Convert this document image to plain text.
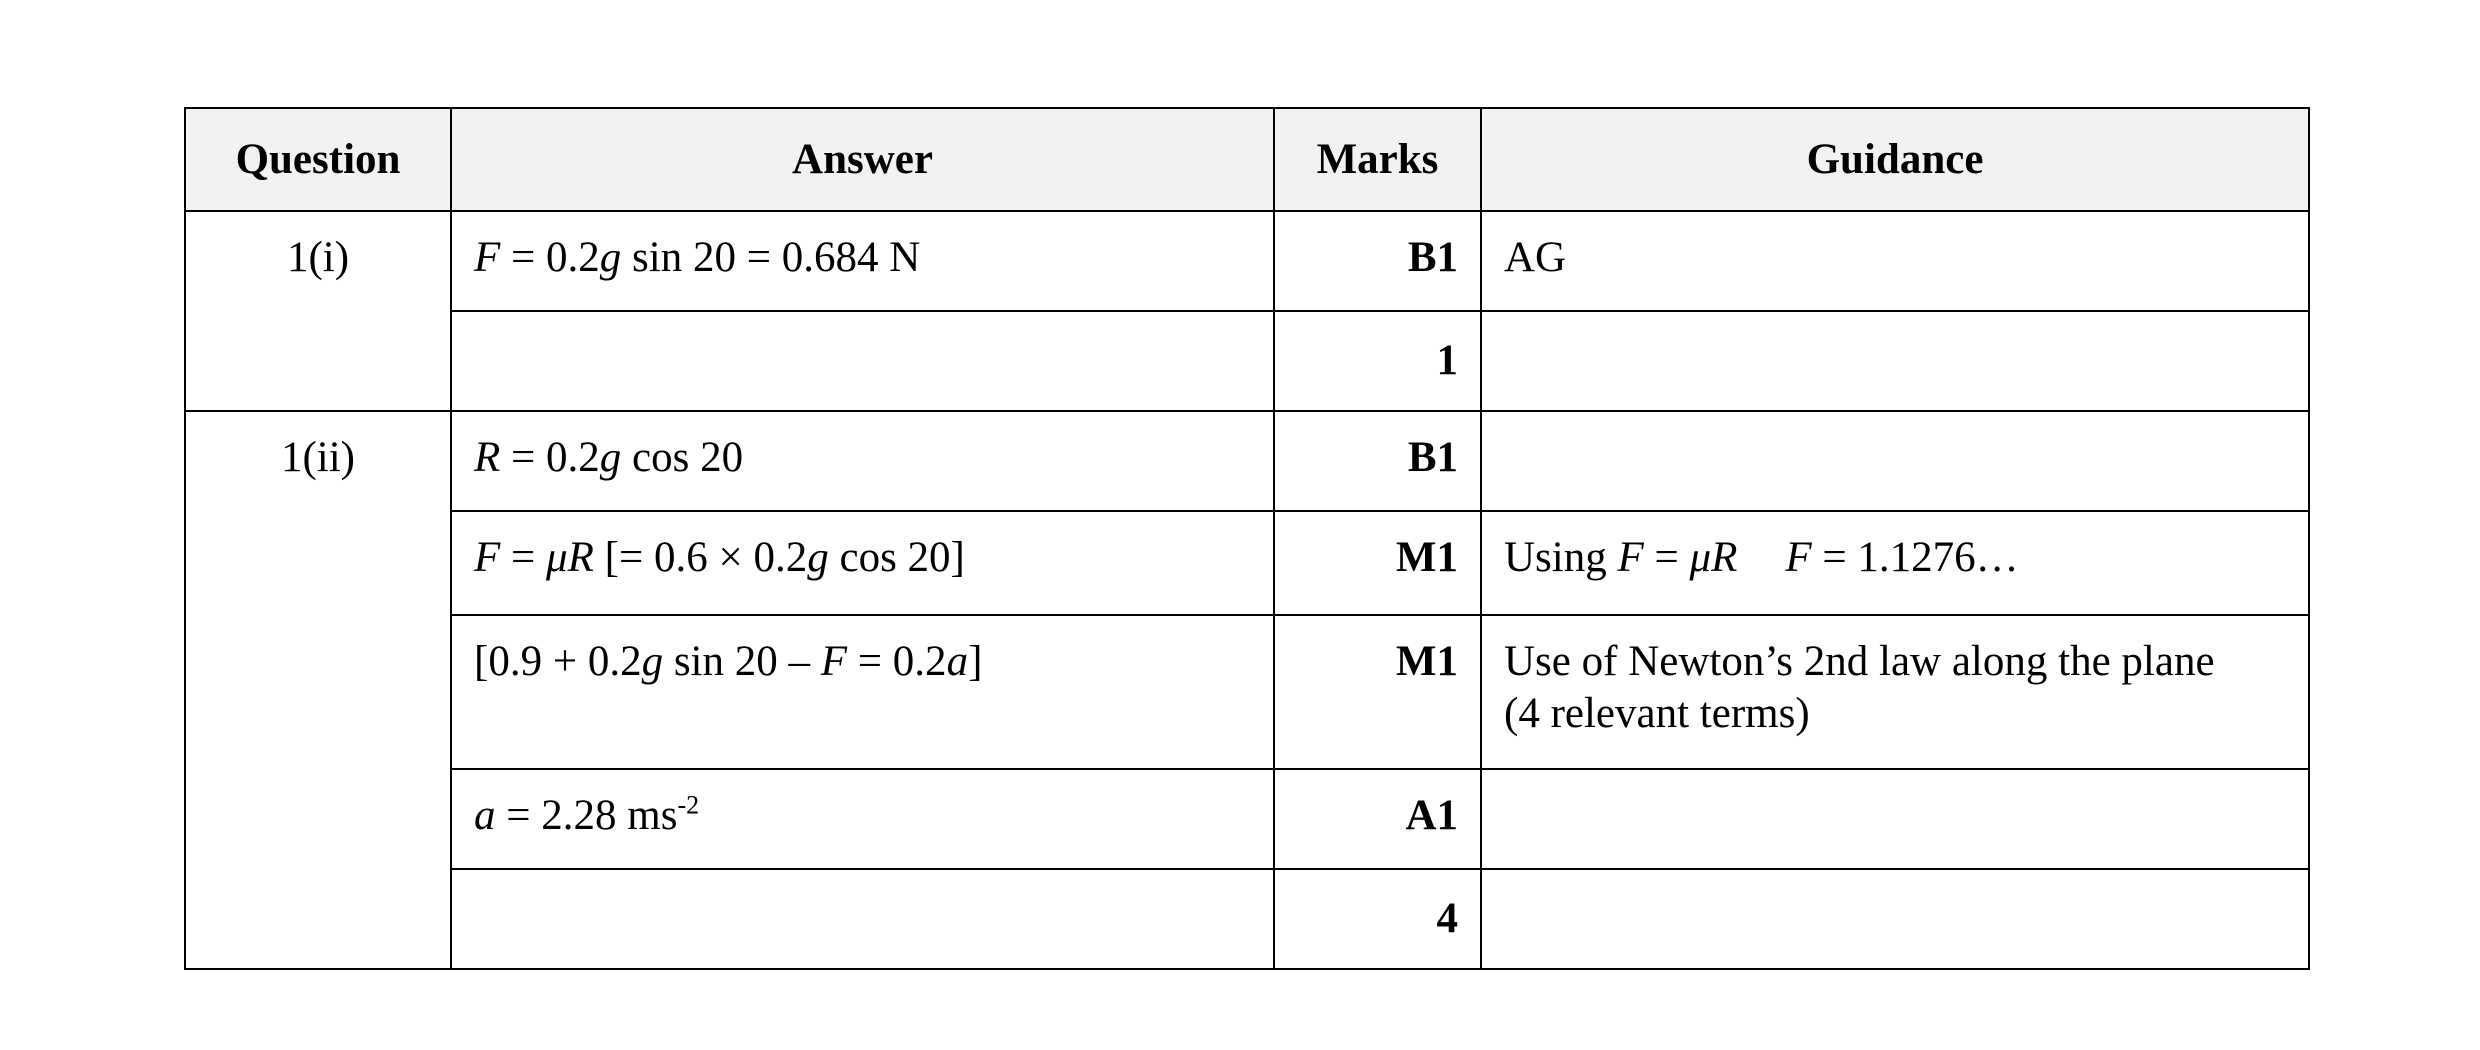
Question	Answer	Marks	Guidance
1(i)	F = 0.2g sin 20 = 0.684 N	B1	AG
		1	
1(ii)	R = 0.2g cos 20	B1	
	F = μR [= 0.6 × 0.2g cos 20]	M1	Using F = μR F = 1.1276…
	[0.9 + 0.2g sin 20 – F = 0.2a]	M1	Use of Newton’s 2nd law along the plane
(4 relevant terms)

	a = 2.28 $ms^{-2}$	A1	
		4	
